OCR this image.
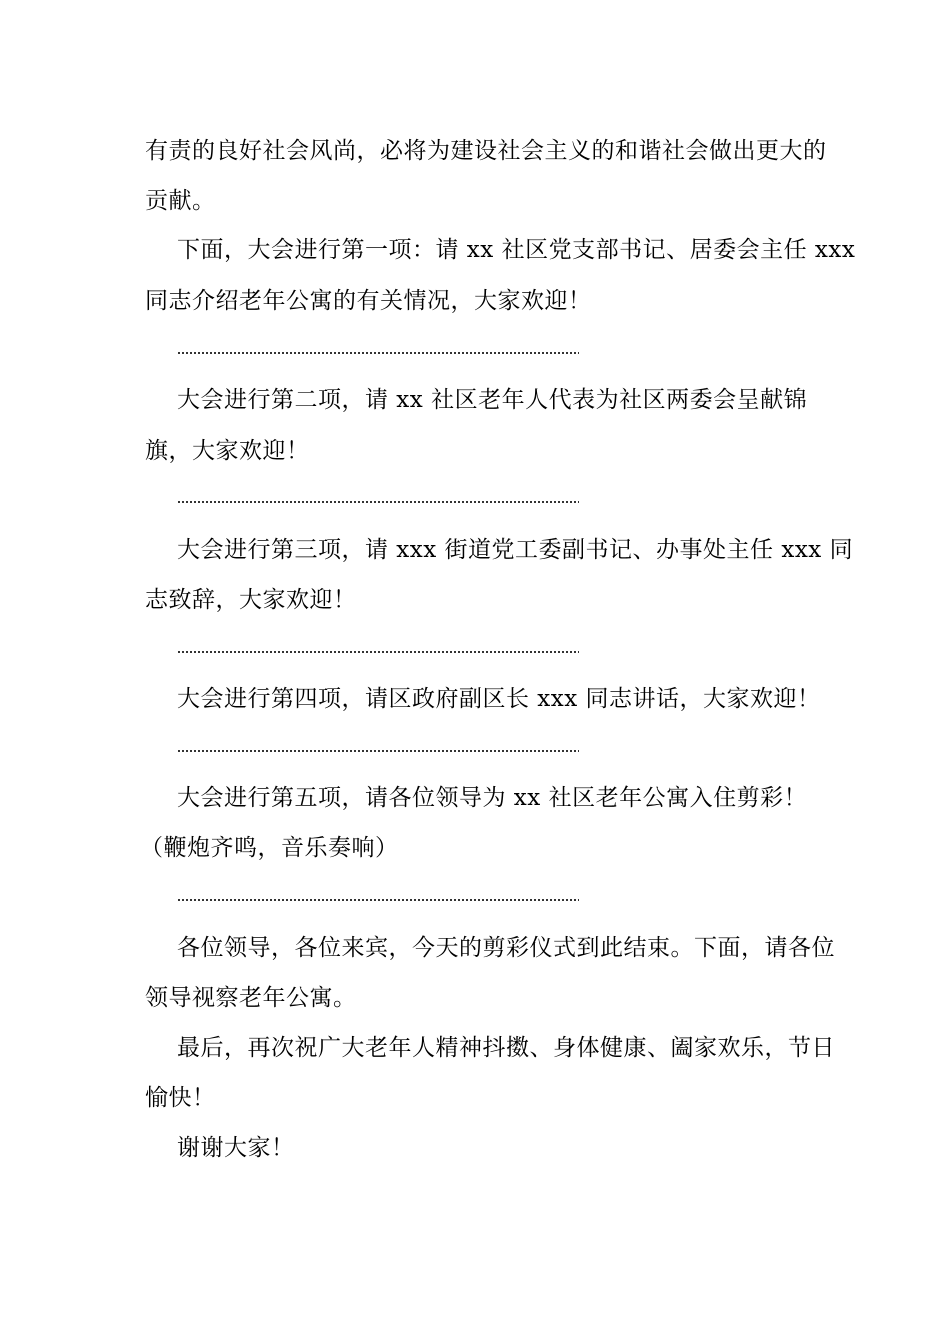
有责的良好社会风尚，必将为建设社会主义的和谐社会做出更大的
贡献。
下面，大会进行第一项：请 xx 社区党支部书记、居委会主任 xxx
同志介绍老年公寓的有关情况，大家欢迎！
大会进行第二项，请 xx 社区老年人代表为社区两委会呈献锦
旗，大家欢迎！
大会进行第三项，请 xxx 街道党工委副书记、办事处主任 xxx 同
志致辞，大家欢迎！
大会进行第四项，请区政府副区长 xxx 同志讲话，大家欢迎！
大会进行第五项，请各位领导为 xx 社区老年公寓入住剪彩！
（鞭炮齐鸣，音乐奏响）
各位领导，各位来宾，今天的剪彩仪式到此结束。下面，请各位
领导视察老年公寓。
最后，再次祝广大老年人精神抖擞、身体健康、阖家欢乐，节日
愉快！
谢谢大家！
